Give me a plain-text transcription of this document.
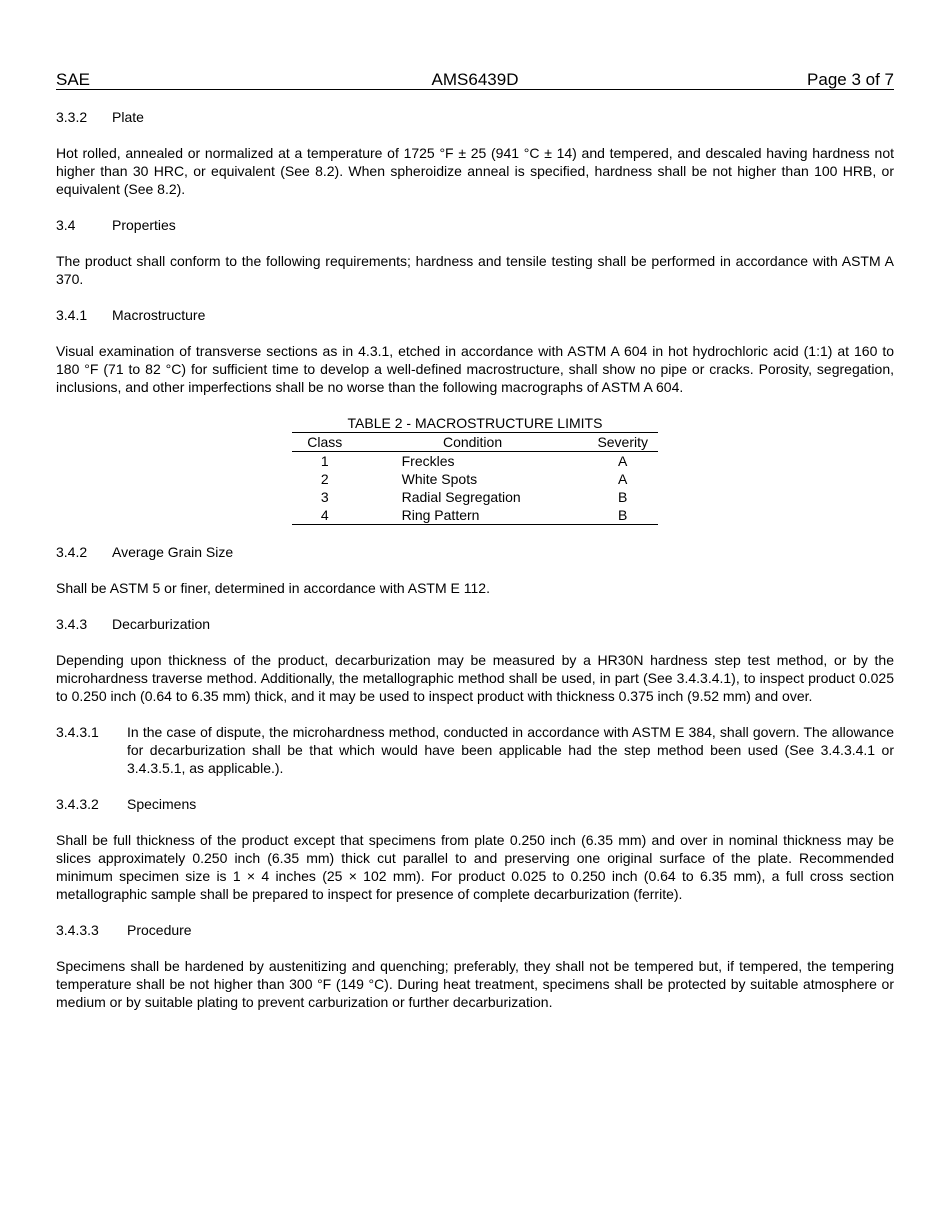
SAE	AMS6439D	Page 3 of 7
3.3.2 Plate

Hot rolled, annealed or normalized at a temperature of 1725 °F ± 25 (941 °C ± 14) and tempered, and descaled having hardness not higher than 30 HRC, or equivalent (See 8.2). When spheroidize anneal is specified, hardness shall be not higher than 100 HRB, or equivalent (See 8.2).

3.4	Properties

The product shall conform to the following requirements; hardness and tensile testing shall be performed in accordance with ASTM A 370.

3.4.1 Macrostructure

Visual examination of transverse sections as in 4.3.1, etched in accordance with ASTM A 604 in hot hydrochloric acid (1:1) at 160 to 180 °F (71 to 82 °C) for sufficient time to develop a well-defined macrostructure, shall show no pipe or cracks. Porosity, segregation, inclusions, and other imperfections shall be no worse than the following macrographs of ASTM A 604.

TABLE 2 - MACROSTRUCTURE LIMITS
Class	Condition	Severity
1	Freckles	A
2	White Spots	A
3	Radial Segregation	B
4	Ring Pattern	B
3.4.2 Average Grain Size

Shall be ASTM 5 or finer, determined in accordance with ASTM E 112.

3.4.3 Decarburization

Depending upon thickness of the product, decarburization may be measured by a HR30N hardness step test method, or by the microhardness traverse method. Additionally, the metallographic method shall be used, in part (See 3.4.3.4.1), to inspect product 0.025 to 0.250 inch (0.64 to 6.35 mm) thick, and it may be used to inspect product with thickness 0.375 inch (9.52 mm) and over.

3.4.3.1	In the case of dispute, the microhardness method, conducted in accordance with ASTM E 384, shall govern. The allowance for decarburization shall be that which would have been applicable had the step method been used (See 3.4.3.4.1 or 3.4.3.5.1, as applicable.).
3.4.3.2 Specimens

Shall be full thickness of the product except that specimens from plate 0.250 inch (6.35 mm) and over in nominal thickness may be slices approximately 0.250 inch (6.35 mm) thick cut parallel to and preserving one original surface of the plate. Recommended minimum specimen size is 1 × 4 inches (25 × 102 mm). For product 0.025 to 0.250 inch (0.64 to 6.35 mm), a full cross section metallographic sample shall be prepared to inspect for presence of complete decarburization (ferrite).

3.4.3.3 Procedure

Specimens shall be hardened by austenitizing and quenching; preferably, they shall not be tempered but, if tempered, the tempering temperature shall be not higher than 300 °F (149 °C). During heat treatment, specimens shall be protected by suitable atmosphere or medium or by suitable plating to prevent carburization or further decarburization.
